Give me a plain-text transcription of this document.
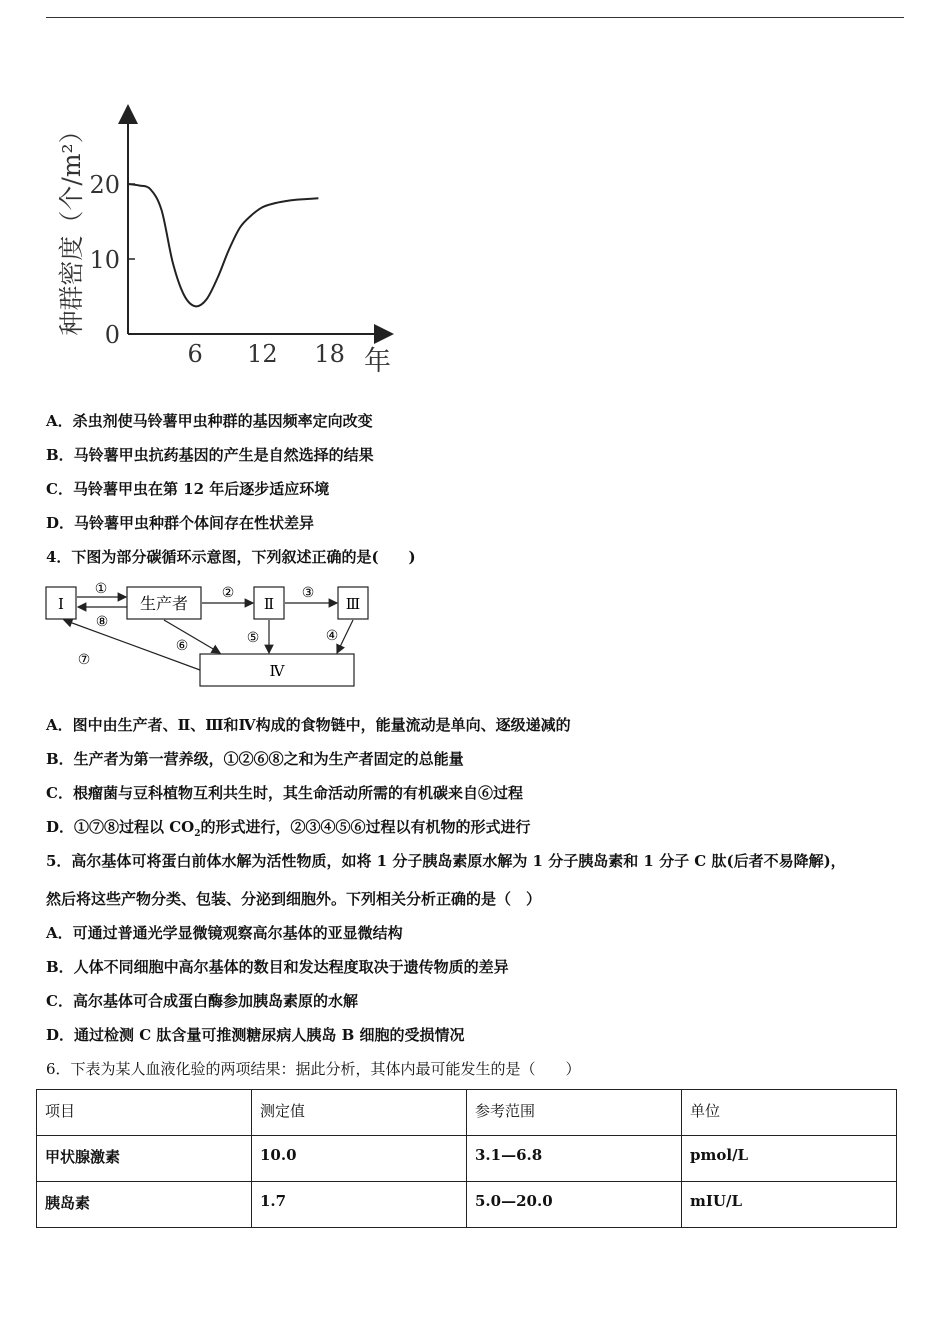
0
10
20
6 12 18
种群密度（个/m²）
年
A．杀虫剂使马铃薯甲虫种群的基因频率定向改变
B．马铃薯甲虫抗药基因的产生是自然选择的结果
C．马铃薯甲虫在第 12 年后逐步适应环境
D．马铃薯甲虫种群个体间存在性状差异
4．下图为部分碳循环示意图，下列叙述正确的是(　　)
Ⅰ	生产者	Ⅱ	Ⅲ
Ⅳ
①
⑧
②	③
⑤	④
⑥
⑦
A．图中由生产者、Ⅱ、Ⅲ和Ⅳ构成的食物链中，能量流动是单向、逐级递减的
B．生产者为第一营养级，①②⑥⑧之和为生产者固定的总能量
C．根瘤菌与豆科植物互利共生时，其生命活动所需的有机碳来自⑥过程
D．①⑦⑧过程以 $CO_2$的形式进行，②③④⑤⑥过程以有机物的形式进行
5．高尔基体可将蛋白前体水解为活性物质，如将 1 分子胰岛素原水解为 1 分子胰岛素和 1 分子 C 肽(后者不易降解)，
然后将这些产物分类、包装、分泌到细胞外。下列相关分析正确的是（　）
A．可通过普通光学显微镜观察高尔基体的亚显微结构
B．人体不同细胞中高尔基体的数目和发达程度取决于遗传物质的差异
C．高尔基体可合成蛋白酶参加胰岛素原的水解
D．通过检测 C 肽含量可推测糖尿病人胰岛 B 细胞的受损情况
6．下表为某人血液化验的两项结果：据此分析，其体内最可能发生的是（　　）
项目	测定值	参考范围	单位
甲状腺激素	10.0	3.1—6.8	pmol/L
胰岛素	1.7	5.0—20.0	mIU/L
